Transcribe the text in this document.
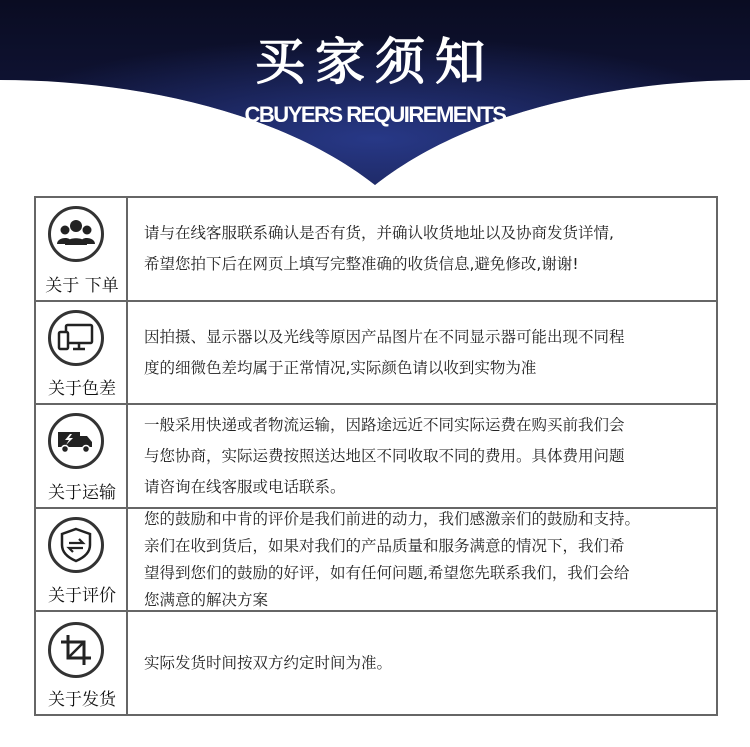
买家须知
CBUYERS REQUIREMENTS
关于 下单
请与在线客服联系确认是否有货，并确认收货地址以及协商发货详情,
希望您拍下后在网页上填写完整准确的收货信息,避免修改,谢谢!
关于色差
因拍摄、显示器以及光线等原因产品图片在不同显示器可能出现不同程
度的细微色差均属于正常情况,实际颜色请以收到实物为准
关于运输
一般采用快递或者物流运输，因路途远近不同实际运费在购买前我们会
与您协商，实际运费按照送达地区不同收取不同的费用。具体费用问题
请咨询在线客服或电话联系。
关于评价
您的鼓励和中肯的评价是我们前进的动力，我们感激亲们的鼓励和支持。
亲们在收到货后，如果对我们的产品质量和服务满意的情况下，我们希
望得到您们的鼓励的好评，如有任何问题,希望您先联系我们，我们会给
您满意的解决方案
关于发货
实际发货时间按双方约定时间为准。
